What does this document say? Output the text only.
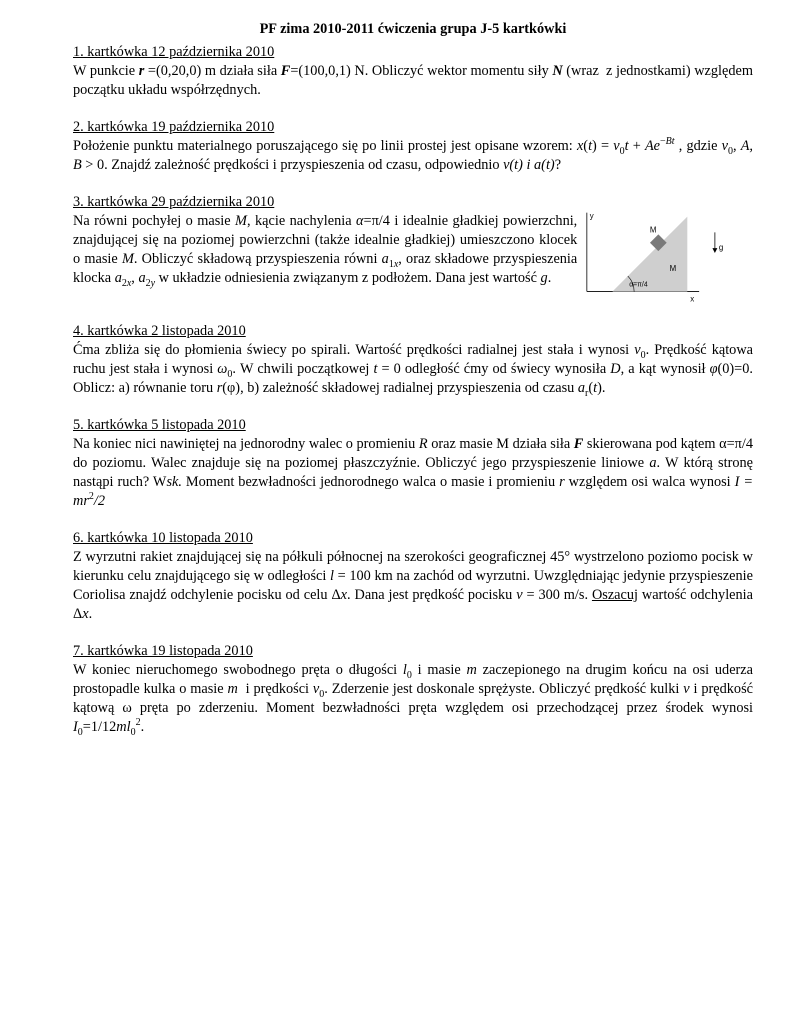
PF zima 2010-2011 ćwiczenia grupa J-5 kartkówki

1. kartkówka 12 października 2010
W punkcie r =(0,20,0) m działa siła F=(100,0,1) N. Obliczyć wektor momentu siły N (wraz  z jednostkami) względem początku układu współrzędnych.
2. kartkówka 19 października 2010
Położenie punktu materialnego poruszającego się po linii prostej jest opisane wzorem: $x(t) = v_0t + Ae^{-Bt}$ , gdzie $v_0$, A, B > 0. Znajdź zależność prędkości i przyspieszenia od czasu, odpowiednio v(t) i a(t)?
3. kartkówka 29 października 2010
Na równi pochyłej o masie M, kącie nachylenia α=π/4 i idealnie gładkiej powierzchni, znajdującej się na poziomej powierzchni (także idealnie gładkiej) umieszczono klocek o masie M. Obliczyć składową przyspieszenia równi $a_{1x}$, oraz składowe przyspieszenia klocka $a_{2x}$, $a_{2y}$ w układzie odniesienia związanym z podłożem. Dana jest wartość g.
y
x
α=π/4
M
M
g
4. kartkówka 2 listopada 2010
Ćma zbliża się do płomienia świecy po spirali. Wartość prędkości radialnej jest stała i wynosi $v_0$. Prędkość kątowa ruchu jest stała i wynosi $\omega_0$. W chwili początkowej t = 0 odległość ćmy od świecy wynosiła D, a kąt wynosił φ(0)=0. Oblicz: a) równanie toru r(φ), b) zależność składowej radialnej przyspieszenia od czasu $a_r(t)$.
5. kartkówka 5 listopada 2010
Na koniec nici nawiniętej na jednorodny walec o promieniu R oraz masie M działa siła F skierowana pod kątem α=π/4 do poziomu. Walec znajduje się na poziomej płaszczyźnie. Obliczyć jego przyspieszenie liniowe a. W którą stronę nastąpi ruch? Wsk. Moment bezwładności jednorodnego walca o masie i promieniu r względem osi walca wynosi $I = mr^2/2$
6. kartkówka 10 listopada 2010
Z wyrzutni rakiet znajdującej się na półkuli północnej na szerokości geograficznej 45° wystrzelono poziomo pocisk w kierunku celu znajdującego się w odległości l = 100 km na zachód od wyrzutni. Uwzględniając jedynie przyspieszenie Coriolisa znajdź odchylenie pocisku od celu Δx. Dana jest prędkość pocisku v = 300 m/s. Oszacuj wartość odchylenia Δx.
7. kartkówka 19 listopada 2010
W koniec nieruchomego swobodnego pręta o długości $l_0$ i masie m zaczepionego na drugim końcu na osi uderza prostopadle kulka o masie m  i prędkości $v_0$. Zderzenie jest doskonale sprężyste. Obliczyć prędkość kulki v i prędkość kątową ω pręta po zderzeniu. Moment bezwładności pręta względem osi przechodzącej przez środek wynosi $I_0=1/12ml_0^2$.
